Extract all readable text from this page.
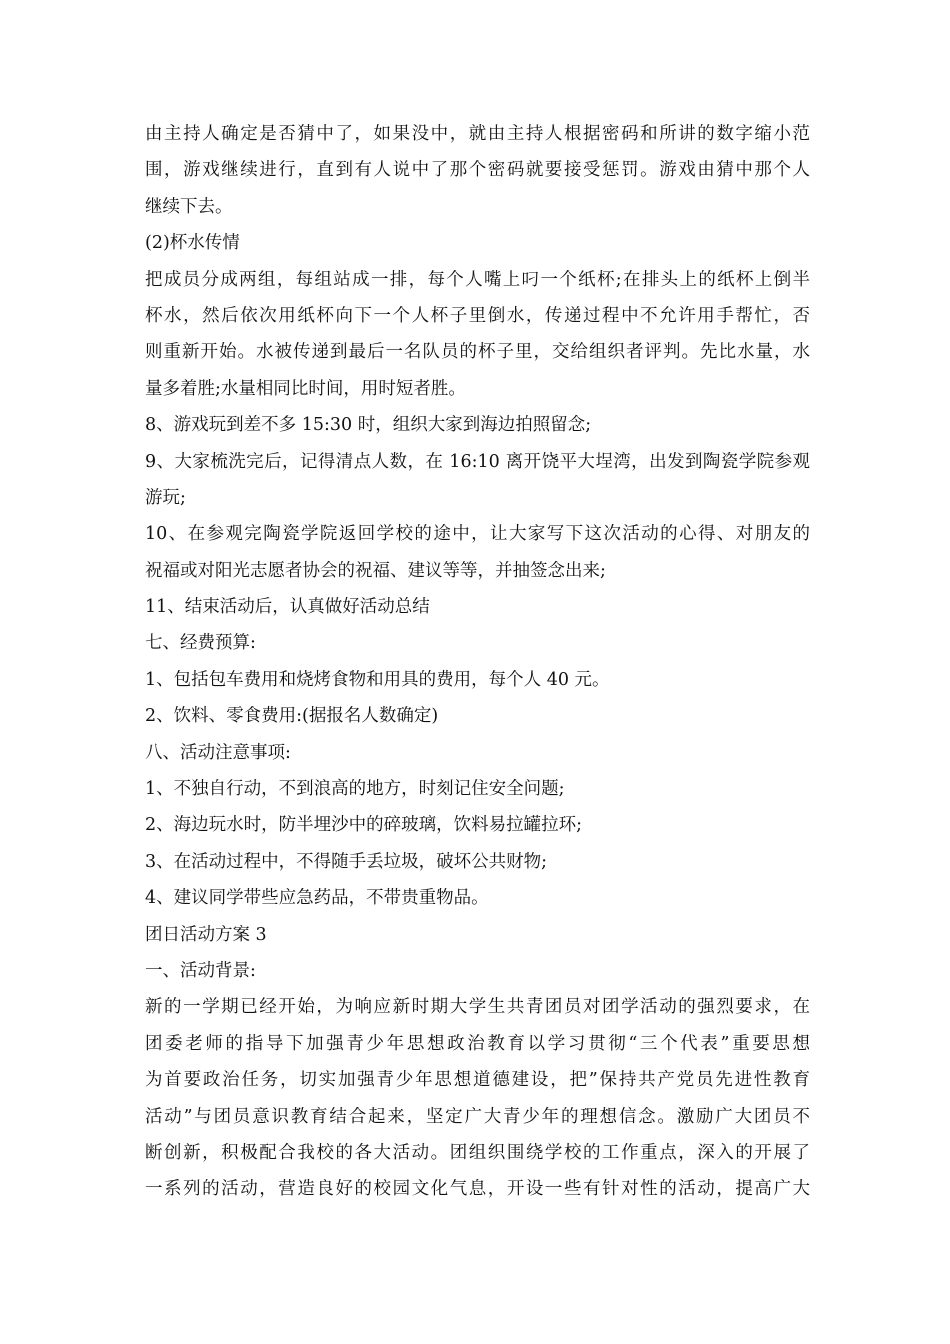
由主持人确定是否猜中了，如果没中，就由主持人根据密码和所讲的数字缩小范
围，游戏继续进行，直到有人说中了那个密码就要接受惩罚。游戏由猜中那个人
继续下去。
(2)杯水传情
把成员分成两组，每组站成一排，每个人嘴上叼一个纸杯;在排头上的纸杯上倒半
杯水，然后依次用纸杯向下一个人杯子里倒水，传递过程中不允许用手帮忙，否
则重新开始。水被传递到最后一名队员的杯子里，交给组织者评判。先比水量，水
量多着胜;水量相同比时间，用时短者胜。
8、游戏玩到差不多 15:30 时，组织大家到海边拍照留念;
9、大家梳洗完后，记得清点人数，在 16:10 离开饶平大埕湾，出发到陶瓷学院参观
游玩;
10、在参观完陶瓷学院返回学校的途中，让大家写下这次活动的心得、对朋友的
祝福或对阳光志愿者协会的祝福、建议等等，并抽签念出来;
11、结束活动后，认真做好活动总结
七、经费预算:
1、包括包车费用和烧烤食物和用具的费用，每个人 40 元。
2、饮料、零食费用:(据报名人数确定)
八、活动注意事项:
1、不独自行动，不到浪高的地方，时刻记住安全问题;
2、海边玩水时，防半埋沙中的碎玻璃，饮料易拉罐拉环;
3、在活动过程中，不得随手丢垃圾，破坏公共财物;
4、建议同学带些应急药品，不带贵重物品。
团日活动方案 3
一、活动背景:
新的一学期已经开始，为响应新时期大学生共青团员对团学活动的强烈要求，在
团委老师的指导下加强青少年思想政治教育以学习贯彻“三个代表”重要思想
为首要政治任务，切实加强青少年思想道德建设，把”保持共产党员先进性教育
活动”与团员意识教育结合起来，坚定广大青少年的理想信念。激励广大团员不
断创新，积极配合我校的各大活动。团组织围绕学校的工作重点，深入的开展了
一系列的活动，营造良好的校园文化气息，开设一些有针对性的活动，提高广大
